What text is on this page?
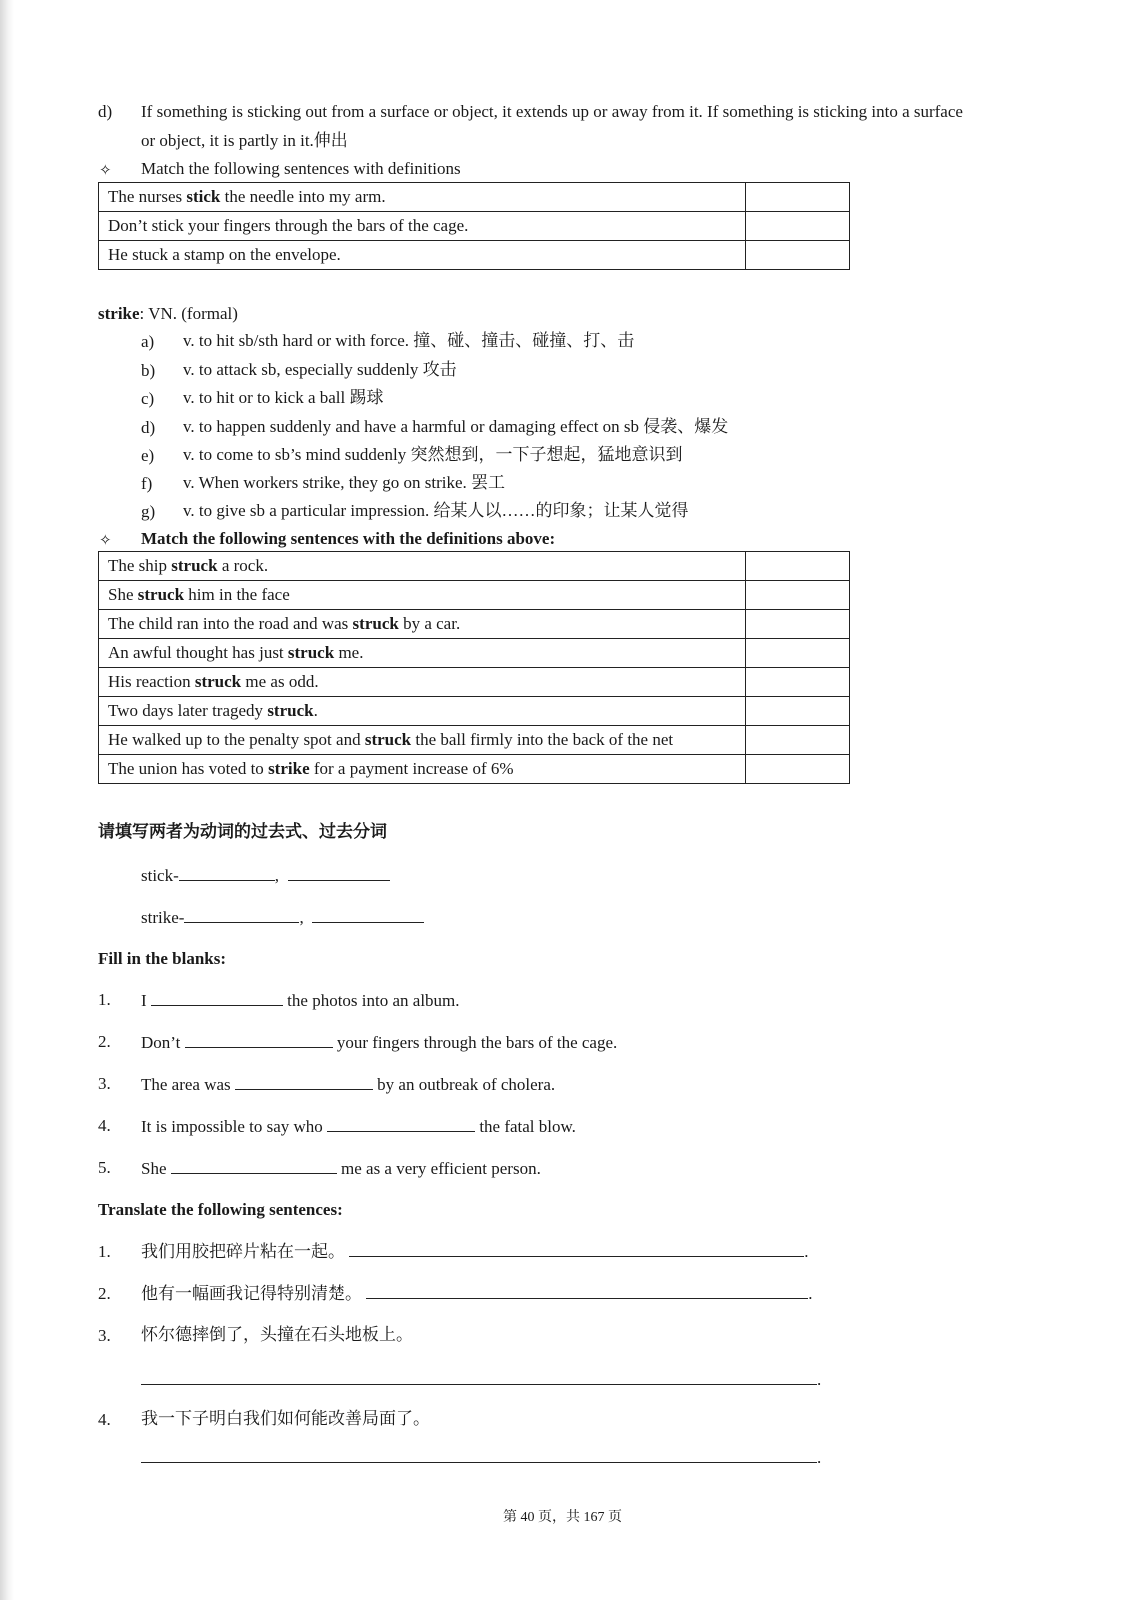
d) If something is sticking out from a surface or object, it extends up or away from it. If something is sticking into a surface
or object, it is partly in it.伸出
✧ Match the following sentences with definitions
The nurses stick the needle into my arm.	
Don’t stick your fingers through the bars of the cage.	
He stuck a stamp on the envelope.	
strike: VN. (formal)
a) v. to hit sb/sth hard or with force. 撞、碰、撞击、碰撞、打、击
b) v. to attack sb, especially suddenly 攻击
c) v. to hit or to kick a ball 踢球
d) v. to happen suddenly and have a harmful or damaging effect on sb 侵袭、爆发
e) v. to come to sb’s mind suddenly 突然想到，一下子想起，猛地意识到
f) v. When workers strike, they go on strike. 罢工
g) v. to give sb a particular impression. 给某人以……的印象；让某人觉得
✧ Match the following sentences with the definitions above:
The ship struck a rock.	
She struck him in the face	
The child ran into the road and was struck by a car.	
An awful thought has just struck me.	
His reaction struck me as odd.	
Two days later tragedy struck.	
He walked up to the penalty spot and struck the ball firmly into the back of the net	
The union has voted to strike for a payment increase of 6%	
请填写两者为动词的过去式、过去分词
stick-	,
strike-	,
Fill in the blanks:
1. I	the photos into an album.
2. Don’t	your fingers through the bars of the cage.
3. The area was	by an outbreak of cholera.
4. It is impossible to say who	the fatal blow.
5. She	me as a very efficient person.
Translate the following sentences:
1. 我们用胶把碎片粘在一起。	.
2. 他有一幅画我记得特别清楚。	.
3. 怀尔德摔倒了，头撞在石头地板上。
.
4. 我一下子明白我们如何能改善局面了。
.
第 40 页，共 167 页
